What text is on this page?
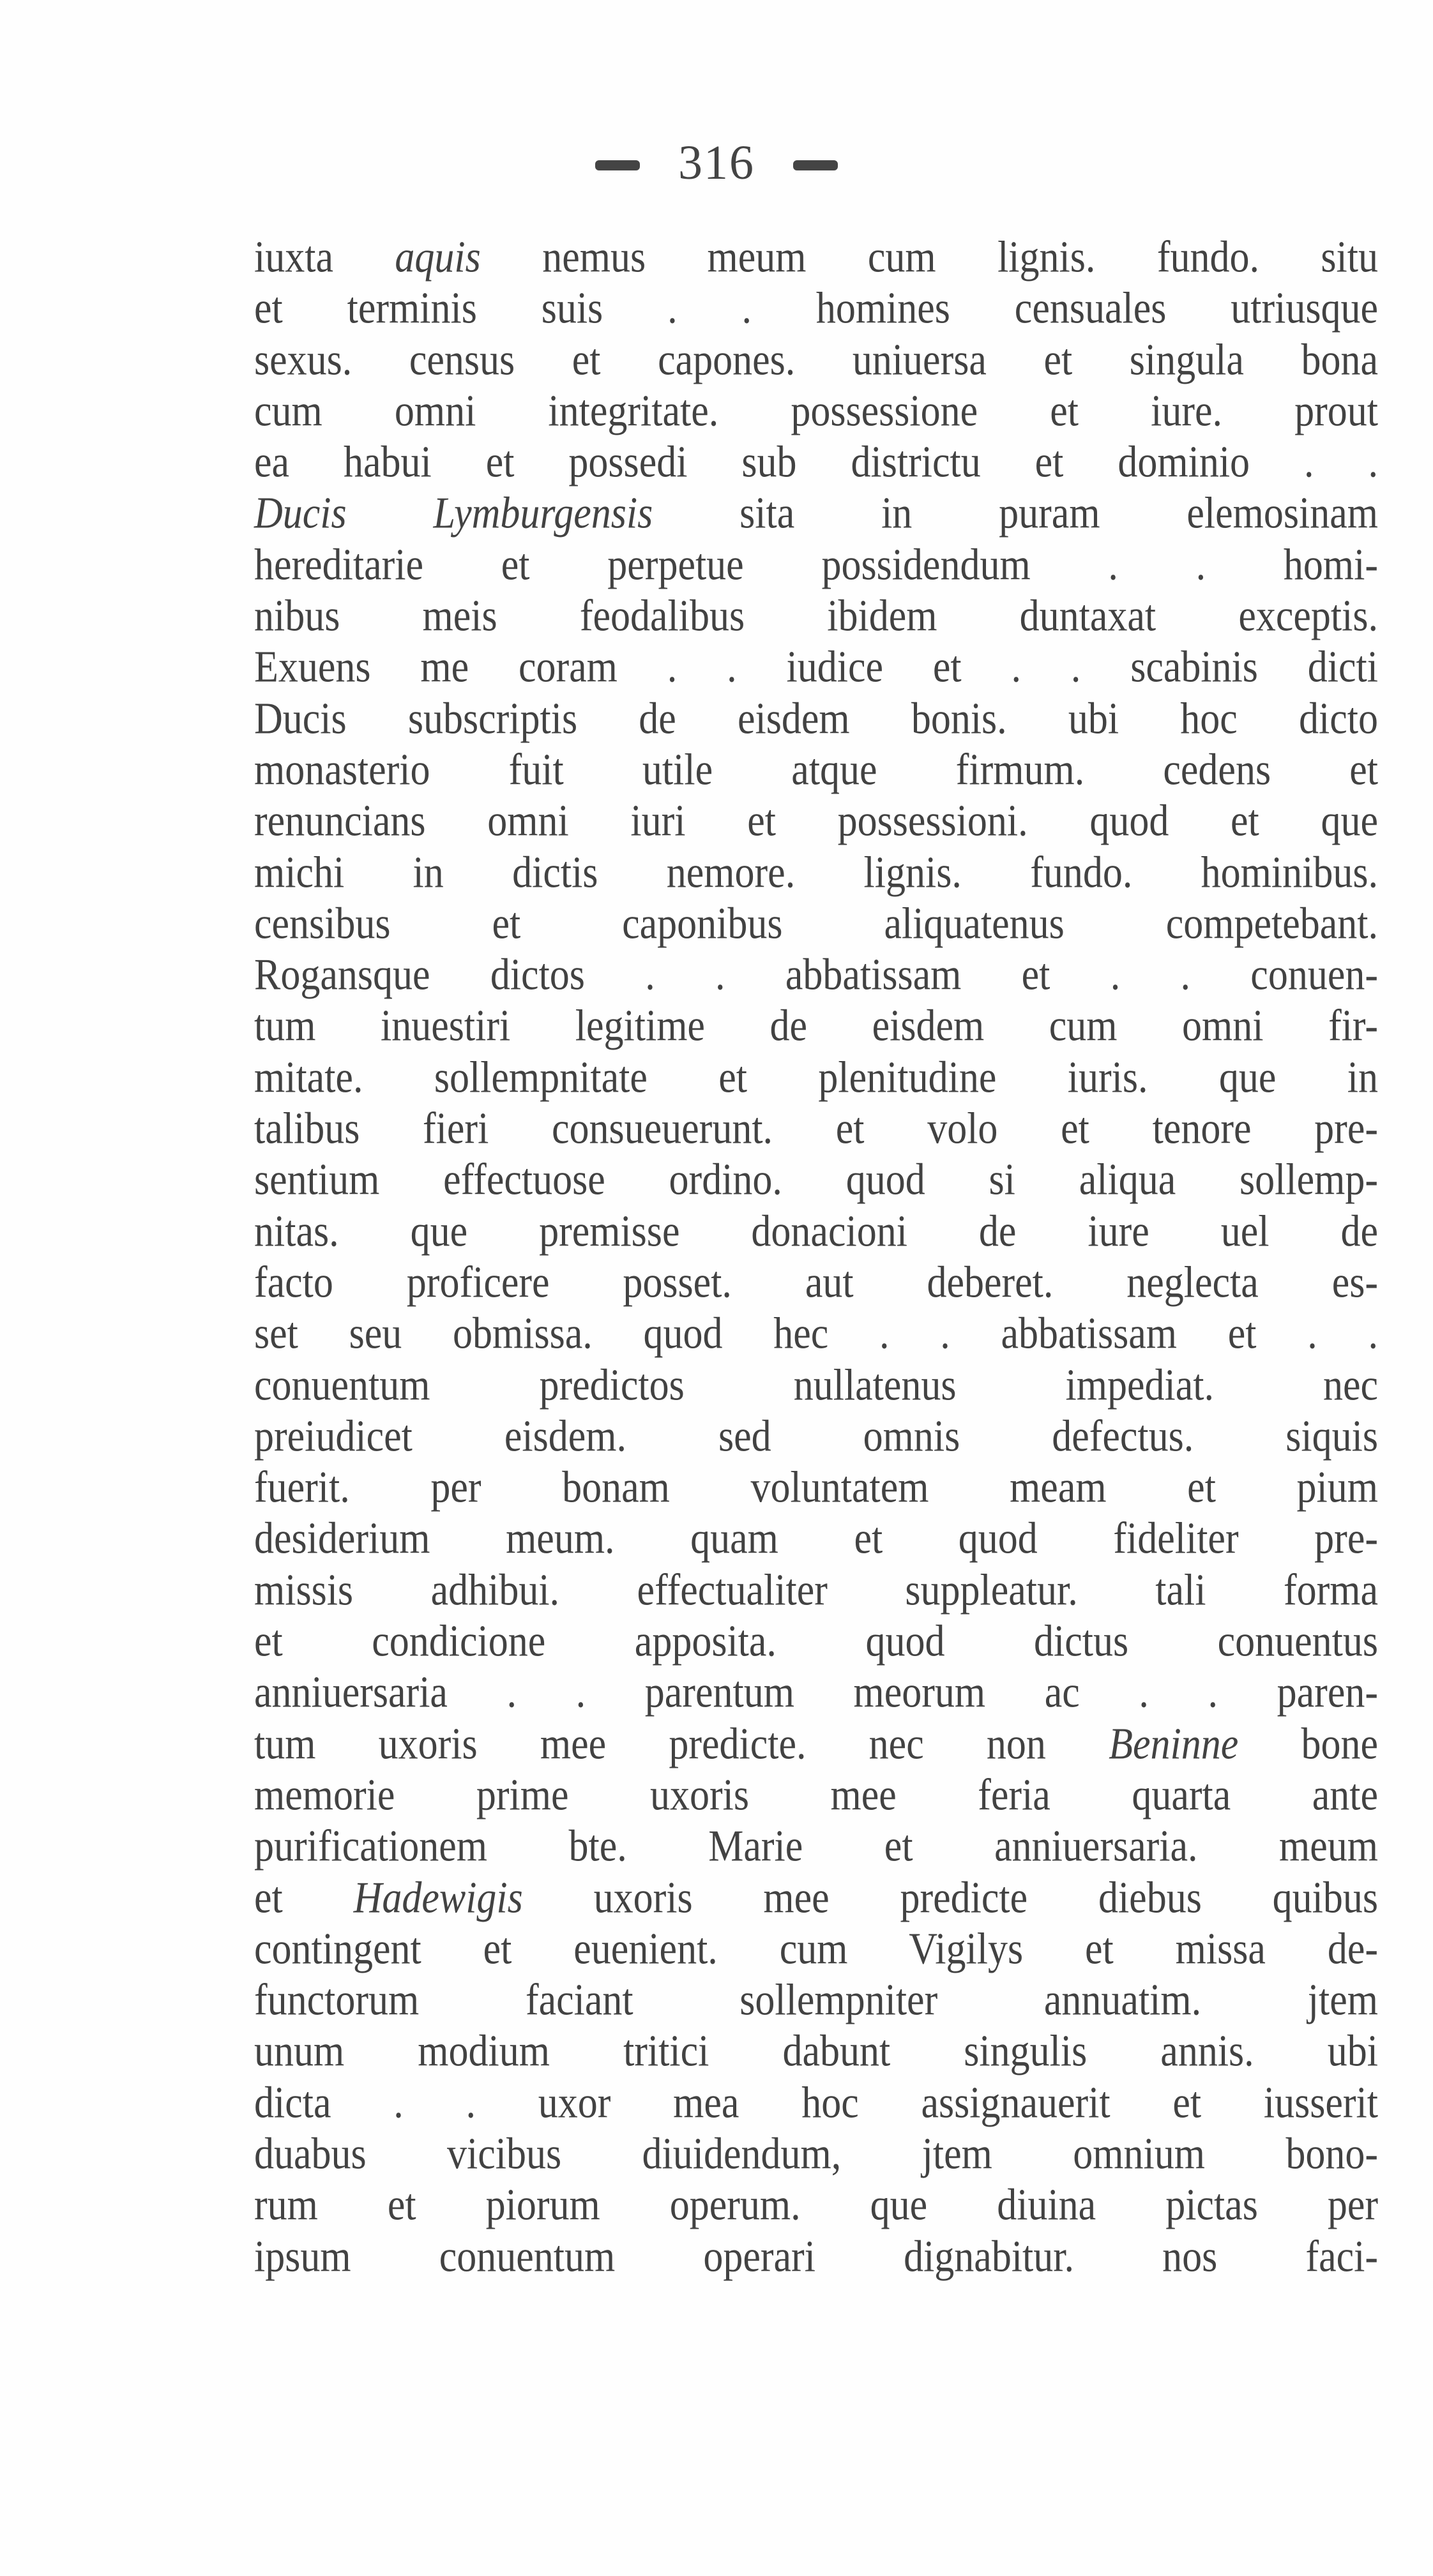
316
iuxta aquis nemus meum cum lignis. fundo. situ
et terminis suis . . homines censuales utriusque
sexus. census et capones. uniuersa et singula bona
cum omni integritate. possessione et iure. prout
ea habui et possedi sub districtu et dominio . .
Ducis Lymburgensis sita in puram elemosinam
hereditarie et perpetue possidendum . . homi-
nibus meis feodalibus ibidem duntaxat exceptis.
Exuens me coram . . iudice et . . scabinis dicti
Ducis subscriptis de eisdem bonis. ubi hoc dicto
monasterio fuit utile atque firmum. cedens et
renuncians omni iuri et possessioni. quod et que
michi in dictis nemore. lignis. fundo. hominibus.
censibus et caponibus aliquatenus competebant.
Rogansque dictos . . abbatissam et . . conuen-
tum inuestiri legitime de eisdem cum omni fir-
mitate. sollempnitate et plenitudine iuris. que in
talibus fieri consueuerunt. et volo et tenore pre-
sentium effectuose ordino. quod si aliqua sollemp-
nitas. que premisse donacioni de iure uel de
facto proficere posset. aut deberet. neglecta es-
set seu obmissa. quod hec . . abbatissam et . .
conuentum predictos nullatenus impediat. nec
preiudicet eisdem. sed omnis defectus. siquis
fuerit. per bonam voluntatem meam et pium
desiderium meum. quam et quod fideliter pre-
missis adhibui. effectualiter suppleatur. tali forma
et condicione apposita. quod dictus conuentus
anniuersaria . . parentum meorum ac . . paren-
tum uxoris mee predicte. nec non Beninne bone
memorie prime uxoris mee feria quarta ante
purificationem bte. Marie et anniuersaria. meum
et Hadewigis uxoris mee predicte diebus quibus
contingent et euenient. cum Vigilys et missa de-
functorum faciant sollempniter annuatim. jtem
unum modium tritici dabunt singulis annis. ubi
dicta . . uxor mea hoc assignauerit et iusserit
duabus vicibus diuidendum, jtem omnium bono-
rum et piorum operum. que diuina pictas per
ipsum conuentum operari dignabitur. nos faci-
